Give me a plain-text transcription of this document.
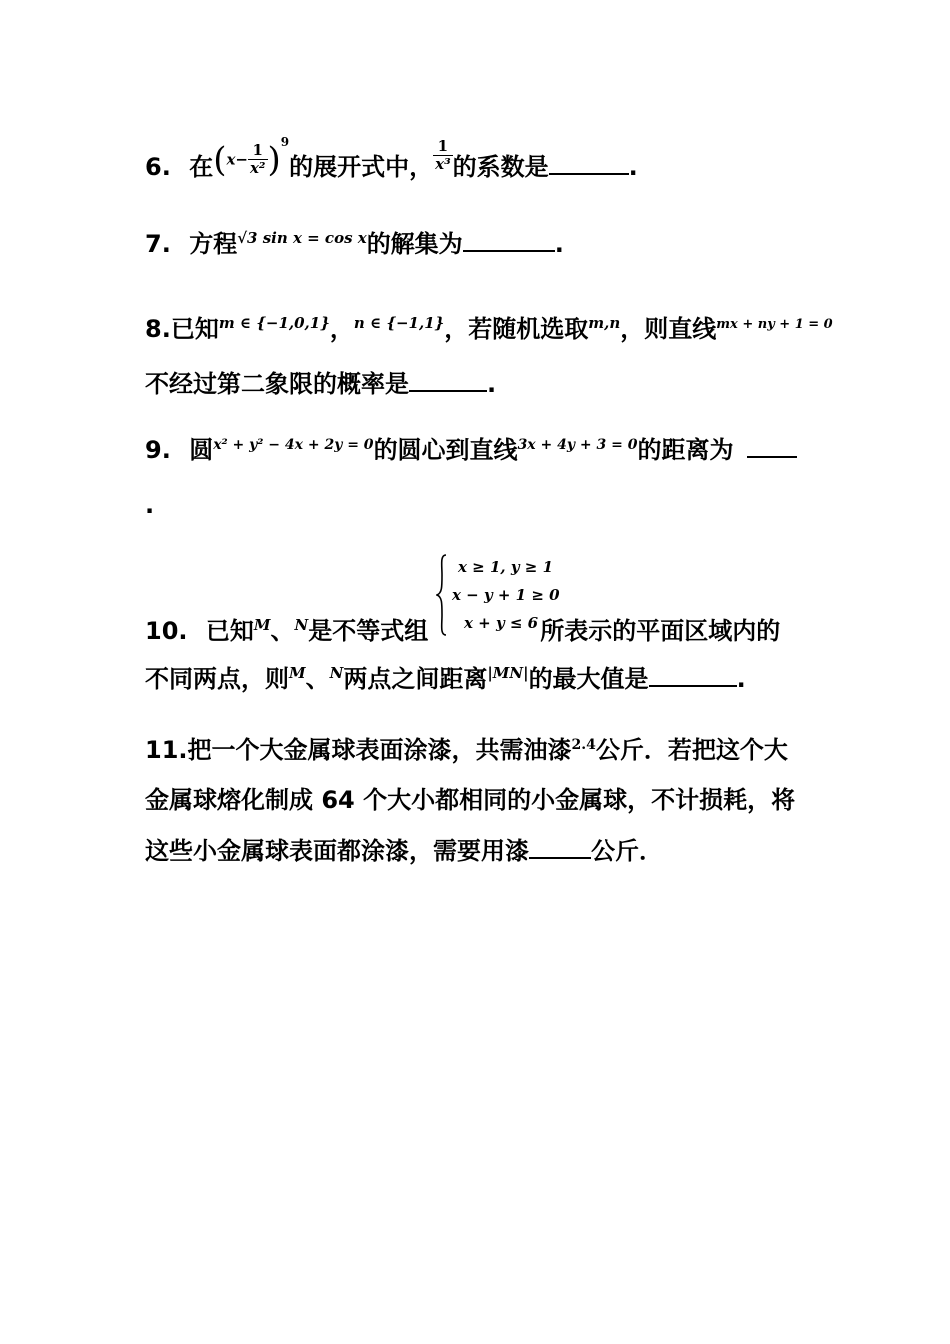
6. 在$(x- \frac{1}{\text{x²}} )^9$的展开式中， $\frac{1}{\text{x³}}$ 的系数是	.
7. 方程$^{√3 sin x = cos x}$的解集为	.
8.已知$^{m \in \{-1,0,1\}}$，$^{n \in \{-1,1\}}$，若随机选取$^{m,n}$，则直线$^{mx + ny + 1 = 0}$
不经过第二象限的概率是	.
9. 圆$^{x^2 + y^2 - 4x + 2y = 0}$的圆心到直线$^{3x + 4y + 3 = 0}$的距离为
.
x ≥ 1, y ≥ 1
x − y + 1 ≥ 0
x + y ≤ 6
10. 已知$^M$、$^N$是不等式组	所表示的平面区域内的
不同两点，则$^M$、$^N$两点之间距离$^{|MN|}$的最大值是	.
11.把一个大金属球表面涂漆，共需油漆$^{2.4}$公斤．若把这个大
金属球熔化制成 64 个大小都相同的小金属球，不计损耗，将
这些小金属球表面都涂漆，需要用漆	公斤．
